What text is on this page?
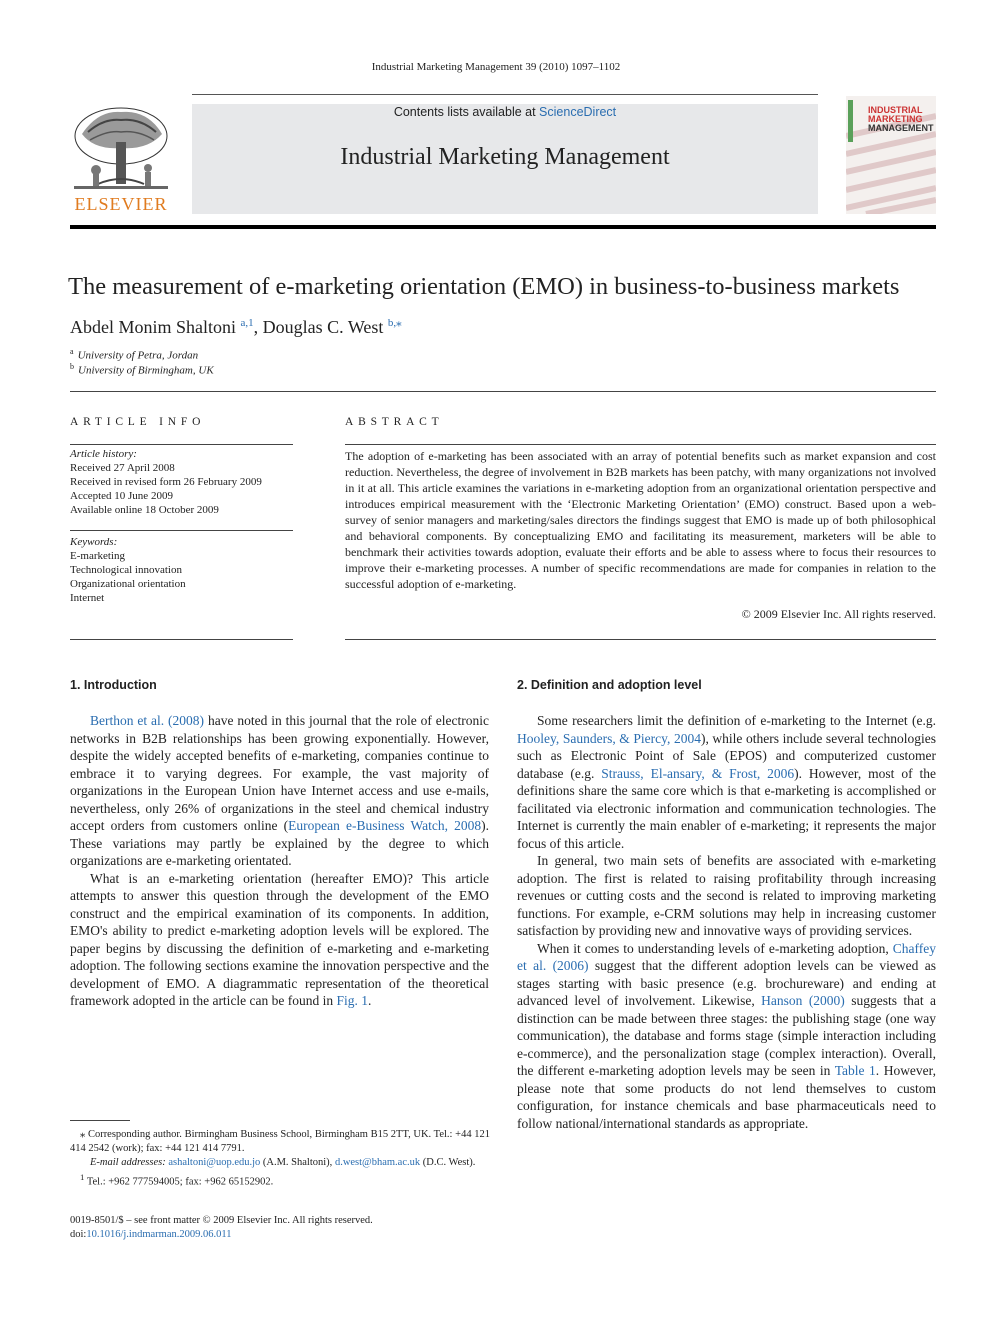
Industrial Marketing Management 39 (2010) 1097–1102
Contents lists available at ScienceDirect
Industrial Marketing Management
ELSEVIER
INDUSTRIAL
MARKETING
MANAGEMENT
The measurement of e-marketing orientation (EMO) in business-to-business markets
Abdel Monim Shaltoni $^{a,1}$, Douglas C. West $^{b,⁎}$
$^a$ University of Petra, Jordan
$^b$ University of Birmingham, UK
ARTICLE INFO
Article history:
Received 27 April 2008
Received in revised form 26 February 2009
Accepted 10 June 2009
Available online 18 October 2009
Keywords:
E-marketing
Technological innovation
Organizational orientation
Internet
ABSTRACT
The adoption of e-marketing has been associated with an array of potential benefits such as market expansion and cost reduction. Nevertheless, the degree of involvement in B2B markets has been patchy, with many organizations not involved in it at all. This article examines the variations in e-marketing adoption from an organizational orientation perspective and introduces empirical measurement with the ‘Electronic Marketing Orientation’ (EMO) construct. Based upon a web-survey of senior managers and marketing/sales directors the findings suggest that EMO is made up of both philosophical and behavioral components. By conceptualizing EMO and facilitating its measurement, marketers will be able to benchmark their activities towards adoption, evaluate their efforts and be able to assess where to focus their resources to improve their e-marketing processes. A number of specific recommendations are made for companies in relation to the successful adoption of e-marketing.
© 2009 Elsevier Inc. All rights reserved.
1. Introduction

Berthon et al. (2008) have noted in this journal that the role of electronic networks in B2B relationships has been growing exponentially. However, despite the widely accepted benefits of e-marketing, companies continue to embrace it to varying degrees. For example, the vast majority of organizations in the European Union have Internet access and use e-mails, nevertheless, only 26% of organizations in the steel and chemical industry accept orders from customers online (European e-Business Watch, 2008). These variations may partly be explained by the degree to which organizations are e-marketing orientated.

What is an e-marketing orientation (hereafter EMO)? This article attempts to answer this question through the development of the EMO construct and the empirical examination of its components. In addition, EMO's ability to predict e-marketing adoption levels will be explored. The paper begins by discussing the definition of e-marketing and e-marketing adoption. The following sections examine the innovation perspective and the development of EMO. A diagrammatic representation of the theoretical framework adopted in the article can be found in Fig. 1.

2. Definition and adoption level

Some researchers limit the definition of e-marketing to the Internet (e.g. Hooley, Saunders, & Piercy, 2004), while others include several technologies such as Electronic Point of Sale (EPOS) and computerized customer database (e.g. Strauss, El-ansary, & Frost, 2006). However, most of the definitions share the same core which is that e-marketing is accomplished or facilitated via electronic information and communication technologies. The Internet is currently the main enabler of e-marketing; it represents the major focus of this article.

In general, two main sets of benefits are associated with e-marketing adoption. The first is related to raising profitability through increasing revenues or cutting costs and the second is related to improving marketing functions. For example, e-CRM solutions may help in increasing customer satisfaction by providing new and innovative ways of providing services.

When it comes to understanding levels of e-marketing adoption, Chaffey et al. (2006) suggest that the different adoption levels can be viewed as stages starting with basic presence (e.g. brochureware) and ending at advanced level of involvement. Likewise, Hanson (2000) suggests that a distinction can be made between three stages: the publishing stage (one way communication), the database and forms stage (simple interaction including e-commerce), and the personalization stage (complex interaction). Overall, the different e-marketing adoption levels may be seen in Table 1. However, please note that some products do not lend themselves to custom configuration, for instance chemicals and base pharmaceuticals need to follow national/international standards as appropriate.

⁎ Corresponding author. Birmingham Business School, Birmingham B15 2TT, UK. Tel.: +44 121 414 2542 (work); fax: +44 121 414 7791.
E-mail addresses: ashaltoni@uop.edu.jo (A.M. Shaltoni), d.west@bham.ac.uk (D.C. West).
$^1$ Tel.: +962 777594005; fax: +962 65152902.
0019-8501/$ – see front matter © 2009 Elsevier Inc. All rights reserved.
doi:10.1016/j.indmarman.2009.06.011
